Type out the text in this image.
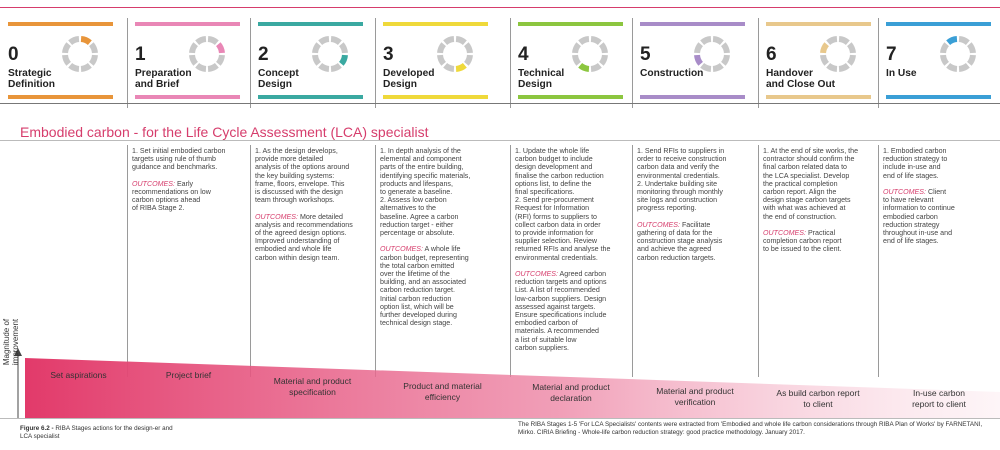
0
Strategic
Definition
1
Preparation
and Brief
2
Concept
Design
3
Developed
Design
4
Technical
Design
5
Construction
6
Handover
and Close Out
7
In Use
Embodied carbon - for the Life Cycle Assessment (LCA) specialist
1. Set initial embodied carbon
targets using rule of thumb
guidance and benchmarks.

OUTCOMES: Early
recommendations on low
carbon options ahead
of RIBA Stage 2.
1. As the design develops,
provide more detailed
analysis of the options around
the key building systems:
frame, floors, envelope. This
is discussed with the design
team through workshops.

OUTCOMES: More detailed
analysis and recommendations
of the agreed design options.
Improved understanding of
embodied and whole life
carbon within design team.
1. In depth analysis of the
elemental and component
parts of the entire building,
identifying specific materials,
products and lifespans,
to generate a baseline.
2. Assess low carbon
alternatives to the
baseline. Agree a carbon
reduction target - either
percentage or absolute.

OUTCOMES: A whole life
carbon budget, representing
the total carbon emitted
over the lifetime of the
building, and an associated
carbon reduction target.
Initial carbon reduction
option list, which will be
further developed during
technical design stage.
1. Update the whole life
carbon budget to include
design development and
finalise the carbon reduction
options list, to define the
final specifications.
2. Send pre-procurement
Request for Information
(RFI) forms to suppliers to
collect carbon data in order
to provide information for
supplier selection. Review
returned RFIs and analyse the
environmental credentials.

OUTCOMES: Agreed carbon
reduction targets and options
List. A list of recommended
low-carbon suppliers. Design
assessed against targets.
Ensure specifications include
embodied carbon of
materials. A recommended
a list of suitable low
carbon suppliers.
1. Send RFIs to suppliers in
order to receive construction
carbon data and verify the
environmental credentials.
2. Undertake building site
monitoring through monthly
site logs and construction
progress reporting.

OUTCOMES: Facilitate
gathering of data for the
construction stage analysis
and achieve the agreed
carbon reduction targets.
1. At the end of site works, the
contractor should confirm the
final carbon related data to
the LCA specialist. Develop
the practical completion
carbon report. Align the
design stage carbon targets
with what was achieved at
the end of construction.

OUTCOMES: Practical
completion carbon report
to be issued to the client.
1. Embodied carbon
reduction strategy to
include in-use and
end of life stages.

OUTCOMES: Client
to have relevant
information to continue
embodied carbon
reduction strategy
throughout in-use and
end of life stages.
Magnitude of
improvement
Set aspirations	Project brief
Material and product
specification
Product and material
efficiency
Material and product
declaration
Material and product
verification
As build carbon report
to client
In-use carbon
report to client
Figure 6.2 - RIBA Stages actions for the design-er and LCA specialist
The RIBA Stages 1-5 'For LCA Specialists' contents were extracted from 'Embodied and whole life carbon considerations through RIBA Plan of Works' by FARNETANI, Mirko. CIRIA Briefing - Whole-life carbon reduction strategy: good practice methodology. January 2017.
